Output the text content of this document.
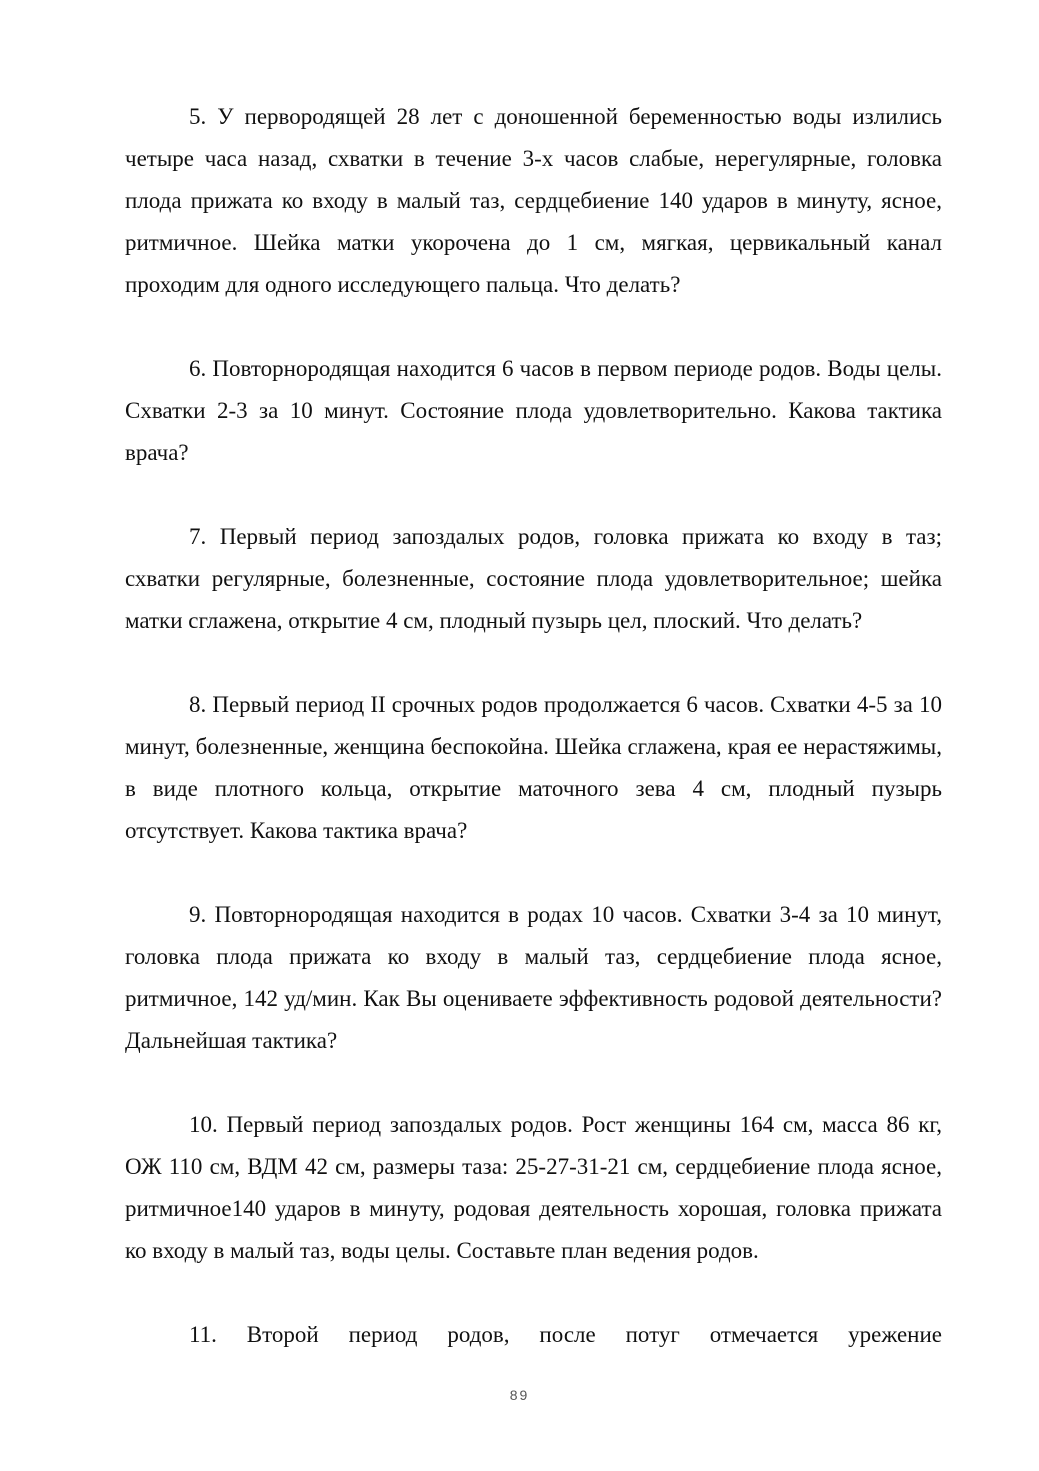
5. У первородящей 28 лет с доношенной беременностью воды излились четыре часа назад, схватки в течение 3-х часов слабые, нерегулярные, головка плода прижата ко входу в малый таз, сердцебиение 140 ударов в минуту, ясное, ритмичное. Шейка матки укорочена до 1 см, мягкая, цервикальный канал проходим для одного исследующего пальца. Что делать?

6. Повторнородящая находится 6 часов в первом периоде родов. Воды целы. Схватки 2-3 за 10 минут. Состояние плода удовлетворительно. Какова тактика врача?

7. Первый период запоздалых родов, головка прижата ко входу в таз; схватки регулярные, болезненные, состояние плода удовлетворительное; шейка матки сглажена, открытие 4 см, плодный пузырь цел, плоский. Что делать?

8. Первый период II срочных родов продолжается 6 часов. Схватки 4-5 за 10 минут, болезненные, женщина беспокойна. Шейка сглажена, края ее нерастяжимы, в виде плотного кольца, открытие маточного зева 4 см, плодный пузырь отсутствует. Какова тактика врача?

9. Повторнородящая находится в родах 10 часов. Схватки 3-4 за 10 минут, головка плода прижата ко входу в малый таз, сердцебиение плода ясное, ритмичное, 142 уд/мин. Как Вы оцениваете эффективность родовой деятельности? Дальнейшая тактика?

10. Первый период запоздалых родов. Рост женщины 164 см, масса 86 кг, ОЖ 110 см, ВДМ 42 см, размеры таза: 25-27-31-21 см, сердцебиение плода ясное, ритмичное140 ударов в минуту, родовая деятельность хорошая, головка прижата ко входу в малый таз, воды целы. Составьте план ведения родов.

11. Второй период родов, после потуг отмечается урежение

89
